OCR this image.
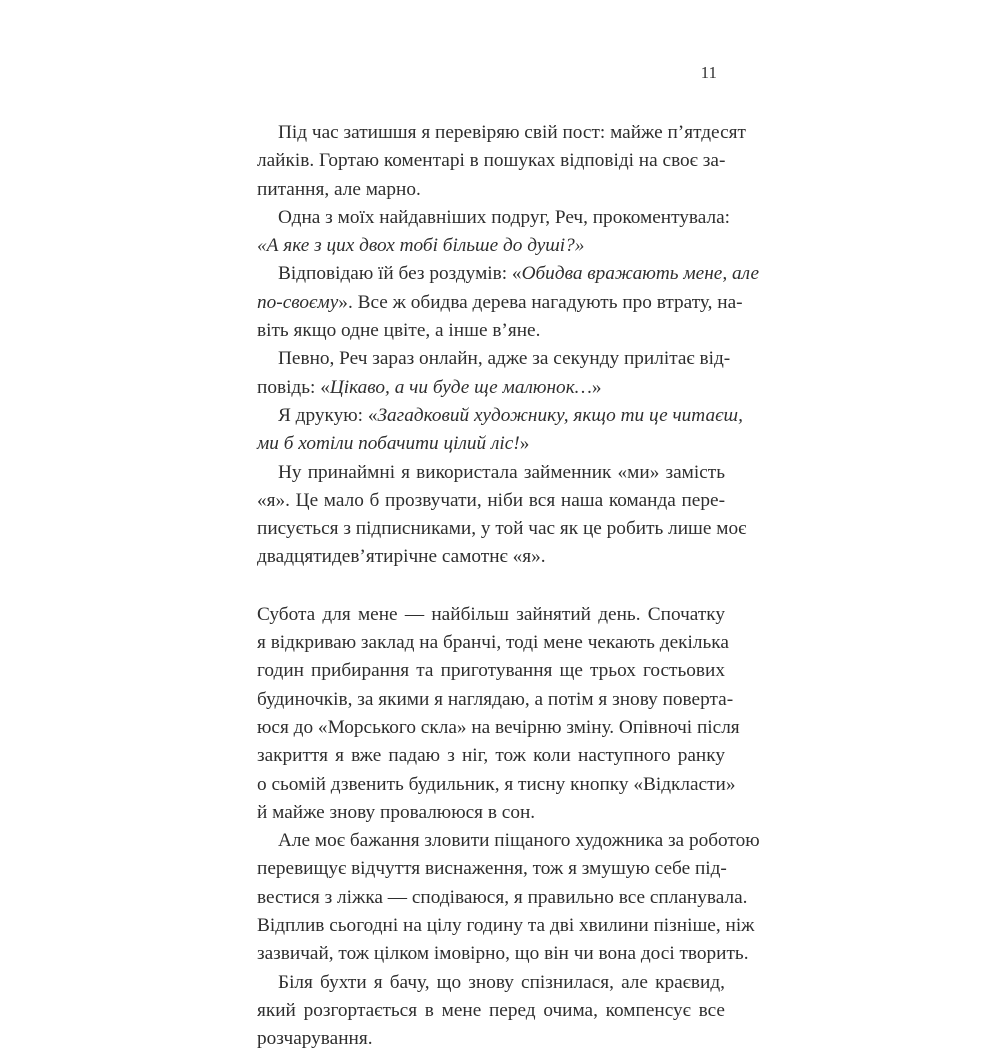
11
Під час затишшя я перевіряю свій пост: майже п’ятдесят
лайків. Гортаю коментарі в пошуках відповіді на своє за-
питання, але марно.
Одна з моїх найдавніших подруг, Реч, прокоментувала:
«А яке з цих двох тобі більше до душі?»
Відповідаю їй без роздумів: «Обидва вражають мене, але
по-своєму». Все ж обидва дерева нагадують про втрату, на-
віть якщо одне цвіте, а інше в’яне.
Певно, Реч зараз онлайн, адже за секунду прилітає від-
повідь: «Цікаво, а чи буде ще малюнок…»
Я друкую: «Загадковий художнику, якщо ти це читаєш,
ми б хотіли побачити цілий ліс!»
Ну принаймні я використала займенник «ми» замість
«я». Це мало б прозвучати, ніби вся наша команда пере-
писується з підписниками, у той час як це робить лише моє
двадцятидев’ятирічне самотнє «я».
Субота для мене — найбільш зайнятий день. Спочатку
я відкриваю заклад на бранчі, тоді мене чекають декілька
годин прибирання та приготування ще трьох гостьових
будиночків, за якими я наглядаю, а потім я знову поверта-
юся до «Морського скла» на вечірню зміну. Опівночі після
закриття я вже падаю з ніг, тож коли наступного ранку
о сьомій дзвенить будильник, я тисну кнопку «Відкласти»
й майже знову провалююся в сон.
Але моє бажання зловити піщаного художника за роботою
перевищує відчуття виснаження, тож я змушую себе під-
вестися з ліжка — сподіваюся, я правильно все спланувала.
Відплив сьогодні на цілу годину та дві хвилини пізніше, ніж
зазвичай, тож цілком імовірно, що він чи вона досі творить.
Біля бухти я бачу, що знову спізнилася, але краєвид,
який розгортається в мене перед очима, компенсує все
розчарування.
